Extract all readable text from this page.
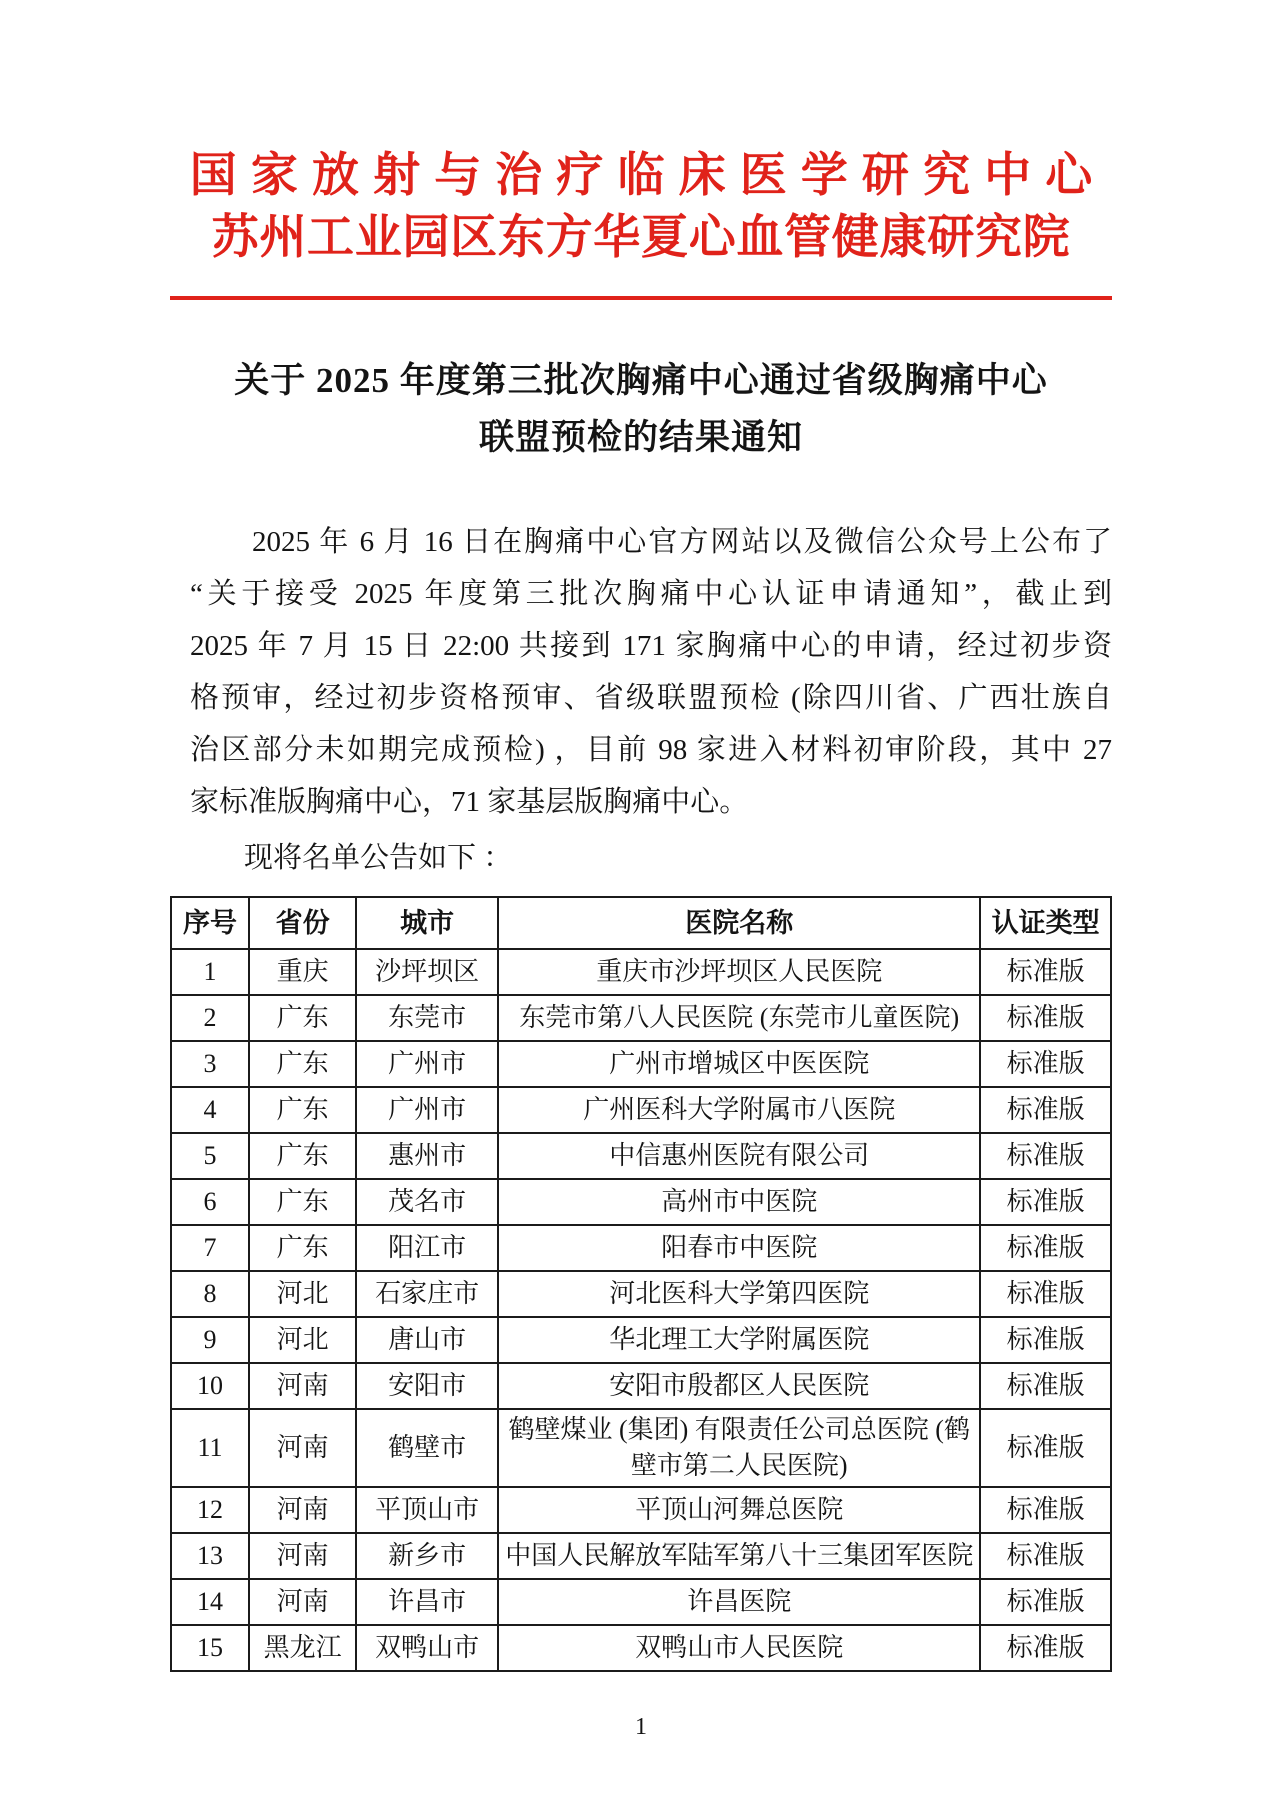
国家放射与治疗临床医学研究中心
苏州工业园区东方华夏心血管健康研究院
关于 2025 年度第三批次胸痛中心通过省级胸痛中心
联盟预检的结果通知
2025 年 6 月 16 日在胸痛中心官方网站以及微信公众号上公布了
“关于接受 2025 年度第三批次胸痛中心认证申请通知”，截止到
2025 年 7 月 15 日 22:00 共接到 171 家胸痛中心的申请，经过初步资
格预审，经过初步资格预审、省级联盟预检 (除四川省、广西壮族自
治区部分未如期完成预检) ，目前 98 家进入材料初审阶段，其中 27
家标准版胸痛中心，71 家基层版胸痛中心。
现将名单公告如下 ：
序号	省份	城市	医院名称	认证类型
1	重庆	沙坪坝区	重庆市沙坪坝区人民医院	标准版
2	广东	东莞市	东莞市第八人民医院 (东莞市儿童医院)	标准版
3	广东	广州市	广州市增城区中医医院	标准版
4	广东	广州市	广州医科大学附属市八医院	标准版
5	广东	惠州市	中信惠州医院有限公司	标准版
6	广东	茂名市	高州市中医院	标准版
7	广东	阳江市	阳春市中医院	标准版
8	河北	石家庄市	河北医科大学第四医院	标准版
9	河北	唐山市	华北理工大学附属医院	标准版
10	河南	安阳市	安阳市殷都区人民医院	标准版
11	河南	鹤壁市	鹤壁煤业 (集团) 有限责任公司总医院 (鹤壁市第二人民医院)	标准版
12	河南	平顶山市	平顶山河舞总医院	标准版
13	河南	新乡市	中国人民解放军陆军第八十三集团军医院	标准版
14	河南	许昌市	许昌医院	标准版
15	黑龙江	双鸭山市	双鸭山市人民医院	标准版
1
